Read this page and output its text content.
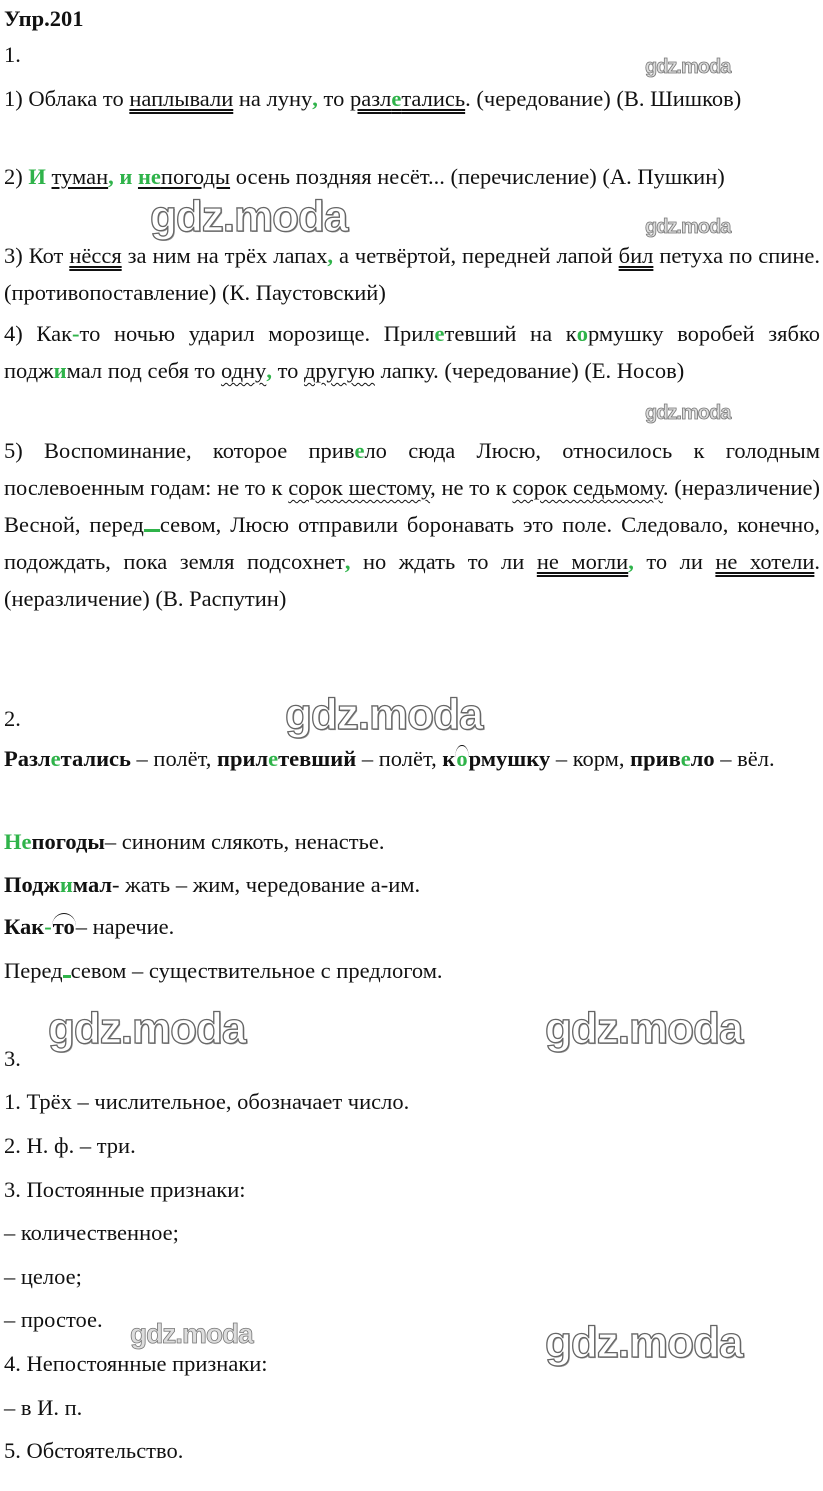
Упр.201
1.
1) Облака то наплывали на луну, то разлетались. (чередование) (В. Шишков)
2) И туман, и непогоды осень поздняя несёт... (перечисление) (А. Пушкин)
3) Кот нёсся за ним на трёх лапах, а четвёртой, передней лапой бил петуха по спине. (противопоставление) (К. Паустовский)
4) Как-то ночью ударил морозище. Прилетевший на кормушку воробей зябко поджимал под себя то одну, то другую лапку. (чередование) (Е. Носов)
5) Воспоминание, которое привело сюда Люсю, относилось к голодным послевоенным годам: не то к сорок шестому, не то к сорок седьмому. (неразличение) Весной, перед севом, Люсю отправили боронавать это поле. Следовало, конечно, подождать, пока земля подсохнет, но ждать то ли не могли, то ли не хотели. (неразличение) (В. Распутин)
2.
Разлетались – полёт, прилетевший – полёт, кормушку – корм, привело – вёл.
Непогоды– синоним слякоть, ненастье.
Поджимал- жать – жим, чередование а-им.
Как-то– наречие.
Перед севом – существительное с предлогом.
3.
1. Трёх – числительное, обозначает число.
2. Н. ф. – три.
3. Постоянные признаки:
– количественное;
– целое;
– простое.
4. Непостоянные признаки:
– в И. п.
5. Обстоятельство.
gdz.moda
gdz.moda	gdz.moda
gdz.moda
gdz.moda
gdz.moda	gdz.moda
gdz.moda	gdz.moda
